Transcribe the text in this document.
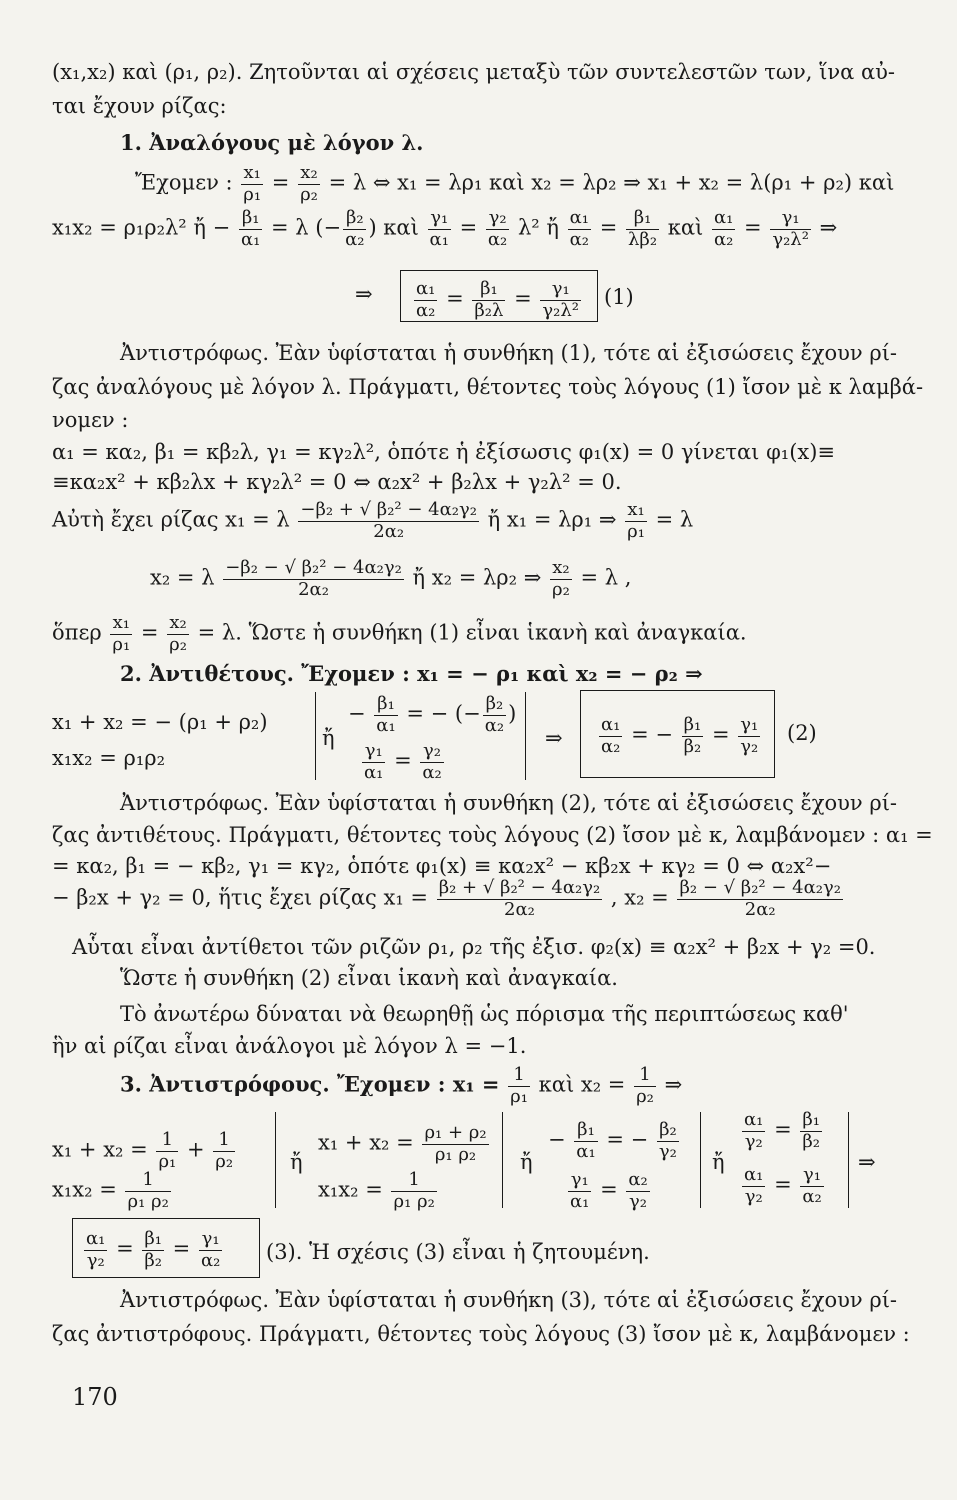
(x₁,x₂) καὶ (ρ₁, ρ₂). Ζητοῦνται αἱ σχέσεις μεταξὺ τῶν συντελεστῶν των, ἵνα αὐ-
ται ἔχουν ρίζας:
1. Ἀναλόγους μὲ λόγον λ.
Ἔχομεν : $\frac{\text{x₁}}{\text{ρ₁}} = \frac{\text{x₂}}{\text{ρ₂}} = \lambda$ ⇔ x₁ = λρ₁ καὶ x₂ = λρ₂ ⇒ x₁ + x₂ = λ(ρ₁ + ρ₂) καὶ
x₁x₂ = ρ₁ρ₂λ² ἤ − $\frac{\text{β₁}}{\text{α₁}} = \lambda$ (− $\frac{\text{β₂}}{\text{α₂}}$ ) καὶ $\frac{\text{γ₁}}{\text{α₁}} = \frac{\text{γ₂}}{\text{α₂}} \lambda^2$ ἤ $\frac{\text{α₁}}{\text{α₂}} = \frac{\text{β₁}}{\text{λβ₂}}$ καὶ $\frac{\text{α₁}}{\text{α₂}} = \frac{\text{γ₁}}{\text{γ₂λ²}}$ ⇒
⇒ $\frac{\text{α₁}}{\text{α₂}} = \frac{\text{β₁}}{\text{β₂λ}} = \frac{\text{γ₁}}{\text{γ₂λ²}} (1)$
Ἀντιστρόφως. Ἐὰν ὑφίσταται ἡ συνθήκη (1), τότε αἱ ἐξισώσεις ἔχουν ρί-
ζας ἀναλόγους μὲ λόγον λ. Πράγματι, θέτοντες τοὺς λόγους (1) ἴσον μὲ κ λαμβά-
νομεν :
α₁ = κα₂, β₁ = κβ₂λ, γ₁ = κγ₂λ², ὁπότε ἡ ἐξίσωσις φ₁(x) = 0 γίνεται φ₁(x)≡
≡κα₂x² + κβ₂λx + κγ₂λ² = 0 ⇔ α₂x² + β₂λx + γ₂λ² = 0.
Αὐτὴ ἔχει ρίζας x₁ = λ $\frac{\text{−β₂ + √ β₂² − 4α₂γ₂}}{\text{2α₂}}$ ἤ x₁ = λρ₁ ⇒ $\frac{\text{x₁}}{\text{ρ₁}} = \lambda$
x₂ = λ $\frac{\text{−β₂ − √ β₂² − 4α₂γ₂}}{\text{2α₂}}$ ἤ x₂ = λρ₂ ⇒ $\frac{\text{x₂}}{\text{ρ₂}} = \lambda$ ,
ὅπερ $\frac{\text{x₁}}{\text{ρ₁}} = \frac{\text{x₂}}{\text{ρ₂}} = \lambda$. Ὥστε ἡ συνθήκη (1) εἶναι ἱκανὴ καὶ ἀναγκαία.
2. Ἀντιθέτους. Ἔχομεν : x₁ = − ρ₁ καὶ x₂ = − ρ₂ ⇒
x₁ + x₂ = − (ρ₁ + ρ₂)
x₁x₂ = ρ₁ρ₂
ἤ
− $\frac{\text{β₁}}{\text{α₁}}$ = − (− $\frac{\text{β₂}}{\text{α₂}}$ )
$\frac{\text{γ₁}}{\text{α₁}} = \frac{\text{γ₂}}{\text{α₂}}$
⇒ $\frac{\text{α₁}}{\text{α₂}}$ = − $\frac{\text{β₁}}{\text{β₂}} = \frac{\text{γ₁}}{\text{γ₂}} (2)$
Ἀντιστρόφως. Ἐὰν ὑφίσταται ἡ συνθήκη (2), τότε αἱ ἐξισώσεις ἔχουν ρί-
ζας ἀντιθέτους. Πράγματι, θέτοντες τοὺς λόγους (2) ἴσον μὲ κ, λαμβάνομεν : α₁ =
= κα₂, β₁ = − κβ₂, γ₁ = κγ₂, ὁπότε φ₁(x) ≡ κα₂x² − κβ₂x + κγ₂ = 0 ⇔ α₂x²−
− β₂x + γ₂ = 0, ἥτις ἔχει ρίζας $x_1 = \frac{\text{β₂ + √ β₂² − 4α₂γ₂}}{\text{2α₂}}$ , $x_2 = \frac{\text{β₂ − √ β₂² − 4α₂γ₂}}{\text{2α₂}}$
Αὗται εἶναι ἀντίθετοι τῶν ριζῶν ρ₁, ρ₂ τῆς ἐξισ. φ₂(x) ≡ α₂x² + β₂x + γ₂ =0.
Ὥστε ἡ συνθήκη (2) εἶναι ἱκανὴ καὶ ἀναγκαία.
Τὸ ἀνωτέρω δύναται νὰ θεωρηθῇ ὡς πόρισμα τῆς περιπτώσεως καθ'
ἣν αἱ ρίζαι εἶναι ἀνάλογοι μὲ λόγον λ = −1.
3. Ἀντιστρόφους. Ἔχομεν : $x_1 = \frac{1}{\text{ρ₁}}$ καὶ $x_2 = \frac{1}{\text{ρ₂}}$ ⇒
$x_1 + x_2 = \frac{1}{\text{ρ₁}} + \frac{1}{\text{ρ₂}}$
$x_1x_2 = \frac{1}{\text{ρ₁ ρ₂}}$
ἤ
$x_1 + x_2 = \frac{\text{ρ₁ + ρ₂}}{\text{ρ₁ ρ₂}}$
$x_1x_2 = \frac{1}{\text{ρ₁ ρ₂}}$
ἤ
− $\frac{\text{β₁}}{\text{α₁}}$ = − $\frac{\text{β₂}}{\text{γ₂}}$
$\frac{\text{γ₁}}{\text{α₁}} = \frac{\text{α₂}}{\text{γ₂}}$
ἤ
$\frac{\text{α₁}}{\text{γ₂}} = \frac{\text{β₁}}{\text{β₂}}$
$\frac{\text{α₁}}{\text{γ₂}} = \frac{\text{γ₁}}{\text{α₂}}$
⇒
$\frac{\text{α₁}}{\text{γ₂}} = \frac{\text{β₁}}{\text{β₂}} = \frac{\text{γ₁}}{\text{α₂}} (3)$. Ἡ σχέσις (3) εἶναι ἡ ζητουμένη.
Ἀντιστρόφως. Ἐὰν ὑφίσταται ἡ συνθήκη (3), τότε αἱ ἐξισώσεις ἔχουν ρί-
ζας ἀντιστρόφους. Πράγματι, θέτοντες τοὺς λόγους (3) ἴσον μὲ κ, λαμβάνομεν :
170
